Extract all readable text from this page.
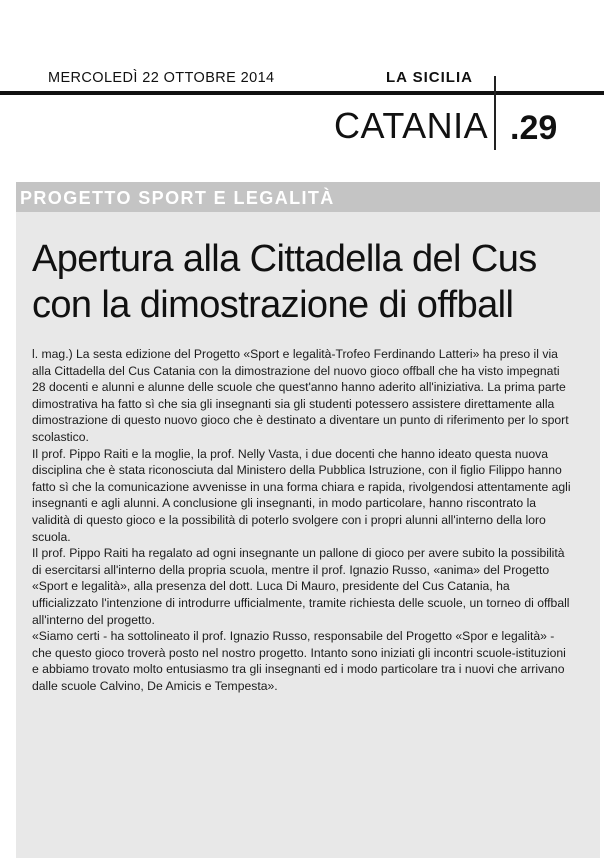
MERCOLEDÌ 22 OTTOBRE 2014	LA SICILIA
CATANIA .29
PROGETTO SPORT E LEGALITÀ
Apertura alla Cittadella del Cus
con la dimostrazione di offball

l. mag.) La sesta edizione del Progetto «Sport e legalità-Trofeo Ferdinando Latteri» ha preso il via alla Cittadella del Cus Catania con la dimostrazione del nuovo gioco offball che ha visto impegnati 28 docenti e alunni e alunne delle scuole che quest'anno hanno aderito all'iniziativa. La prima parte dimostrativa ha fatto sì che sia gli insegnanti sia gli studenti potessero assistere direttamente alla dimostrazione di questo nuovo gioco che è destinato a diventare un punto di riferimento per lo sport scolastico.

Il prof. Pippo Raiti e la moglie, la prof. Nelly Vasta, i due docenti che hanno ideato questa nuova disciplina che è stata riconosciuta dal Ministero della Pubblica Istruzione, con il figlio Filippo hanno fatto sì che la comunicazione avvenisse in una forma chiara e rapida, rivolgendosi attentamente agli insegnanti e agli alunni. A conclusione gli insegnanti, in modo particolare, hanno riscontrato la validità di questo gioco e la possibilità di poterlo svolgere con i propri alunni all'interno della loro scuola.

Il prof. Pippo Raiti ha regalato ad ogni insegnante un pallone di gioco per avere subito la possibilità di esercitarsi all'interno della propria scuola, mentre il prof. Ignazio Russo, «anima» del Progetto «Sport e legalità», alla presenza del dott. Luca Di Mauro, presidente del Cus Catania, ha ufficializzato l'intenzione di introdurre ufficialmente, tramite richiesta delle scuole, un torneo di offball all'interno del progetto.

«Siamo certi - ha sottolineato il prof. Ignazio Russo, responsabile del Progetto «Spor e legalità» - che questo gioco troverà posto nel nostro progetto. Intanto sono iniziati gli incontri scuole-istituzioni e abbiamo trovato molto entusiasmo tra gli insegnanti ed i modo particolare tra i nuovi che arrivano dalle scuole Calvino, De Amicis e Tempesta».
